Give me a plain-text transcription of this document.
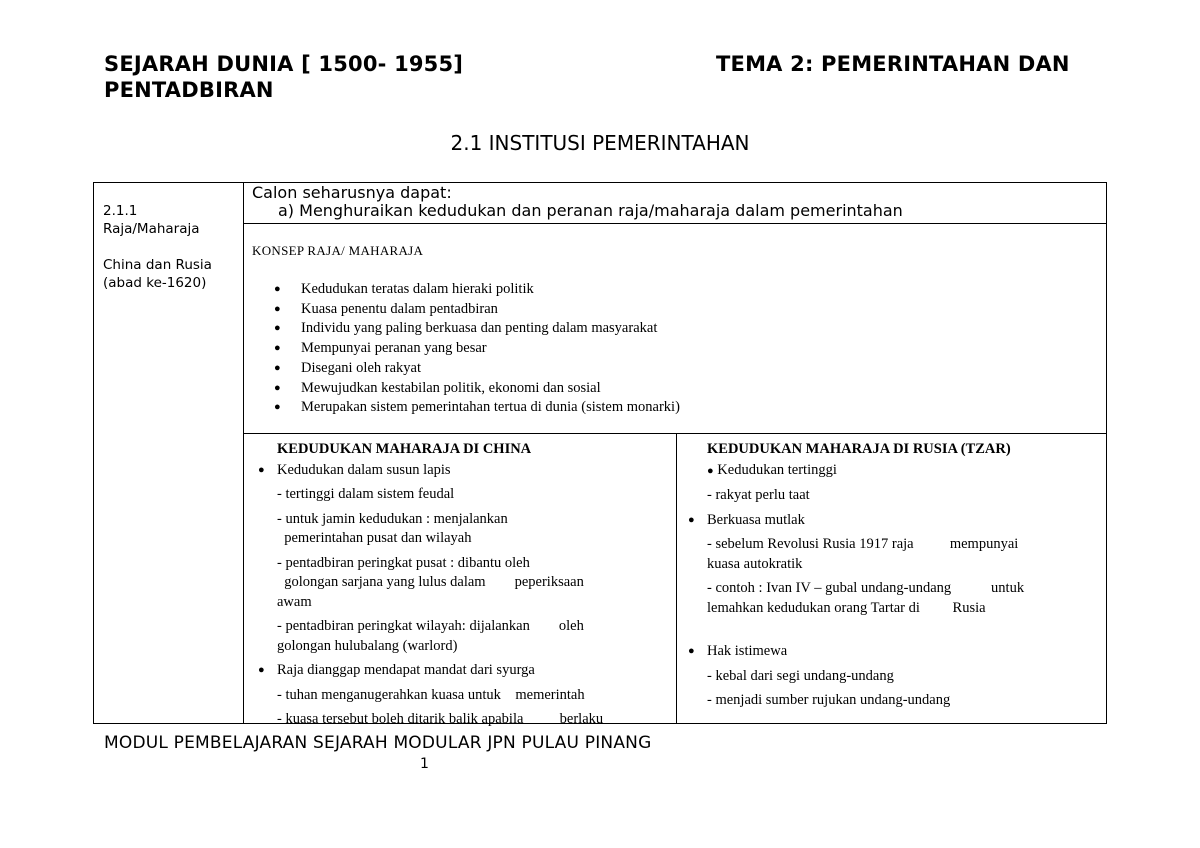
SEJARAH DUNIA [ 1500- 1955]	TEMA 2: PEMERINTAHAN DAN
PENTADBIRAN
2.1 INSTITUSI PEMERINTAHAN
2.1.1
Raja/Maharaja
China dan Rusia
(abad ke-1620)
Calon seharusnya dapat:
a) Menghuraikan kedudukan dan peranan raja/maharaja dalam pemerintahan
KONSEP RAJA/ MAHARAJA
● Kedudukan teratas dalam hieraki politik
● Kuasa penentu dalam pentadbiran
● Individu yang paling berkuasa dan penting dalam masyarakat
● Mempunyai peranan yang besar
● Disegani oleh rakyat
● Mewujudkan kestabilan politik, ekonomi dan sosial
● Merupakan sistem pemerintahan tertua di dunia (sistem monarki)
KEDUDUKAN MAHARAJA DI CHINA
● Kedudukan dalam susun lapis
- tertinggi dalam sistem feudal
- untuk jamin kedudukan : menjalankan
pemerintahan pusat dan wilayah
- pentadbiran peringkat pusat : dibantu oleh
golongan sarjana yang lulus dalam        peperiksaan
awam
- pentadbiran peringkat wilayah: dijalankan        oleh
golongan hulubalang (warlord)
● Raja dianggap mendapat mandat dari syurga
- tuhan menganugerahkan kuasa untuk    memerintah
- kuasa tersebut boleh ditarik balik apabila          berlaku
KEDUDUKAN MAHARAJA DI RUSIA (TZAR)
● Kedudukan tertinggi
- rakyat perlu taat
● Berkuasa mutlak
- sebelum Revolusi Rusia 1917 raja          mempunyai
kuasa autokratik
- contoh : Ivan IV – gubal undang-undang           untuk
lemahkan kedudukan orang Tartar di         Rusia
● Hak istimewa
- kebal dari segi undang-undang
- menjadi sumber rujukan undang-undang
MODUL PEMBELAJARAN SEJARAH MODULAR JPN PULAU PINANG
1
